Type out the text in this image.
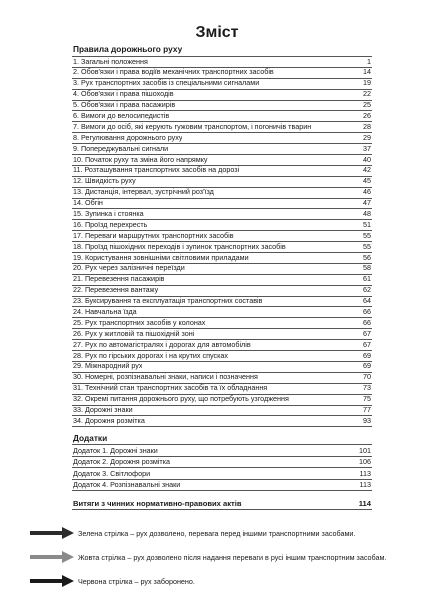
Зміст
Правила дорожнього руху
1. Загальні положення	1
2. Обов'язки і права водіїв механічних транспортних засобів	14
3. Рух транспортних засобів із спеціальними сигналами	19
4. Обов'язки і права пішоходів	22
5. Обов'язки і права пасажирів	25
6. Вимоги до велосипедистів	26
7. Вимоги до осіб, які керують гужовим транспортом, і погоничів тварин	28
8. Регулювання дорожнього руху	29
9. Попереджувальні сигнали	37
10. Початок руху та зміна його напрямку	40
11. Розташування транспортних засобів на дорозі	42
12. Швидкість руху	45
13. Дистанція, інтервал, зустрічний роз'їзд	46
14. Обгін	47
15. Зупинка і стоянка	48
16. Проїзд перехресть	51
17. Переваги маршрутних транспортних засобів	55
18. Проїзд пішохідних переходів і зупинок транспортних засобів	55
19. Користування зовнішніми світловими приладами	56
20. Рух через залізничні переїзди	58
21. Перевезення пасажирів	61
22. Перевезення вантажу	62
23. Буксирування та експлуатація транспортних составів	64
24. Навчальна їзда	66
25. Рух транспортних засобів у колонах	66
26. Рух у житловій та пішохідній зоні	67
27. Рух по автомагістралях і дорогах для автомобілів	67
28. Рух по гірських дорогах і на крутих спусках	69
29. Міжнародний рух	69
30. Номерні, розпізнавальні знаки, написи і позначення	70
31. Технічний стан транспортних засобів та їх обладнання	73
32. Окремі питання дорожнього руху, що потребують узгодження	75
33. Дорожні знаки	77
34. Дорожня розмітка	93
Додатки
Додаток 1. Дорожні знаки	101
Додаток 2. Дорожня розмітка	106
Додаток 3. Світлофори	113
Додаток 4. Розпізнавальні знаки	113
Витяги з чинних нормативно-правових актів	114
Зелена стрілка – рух дозволено, перевага перед іншими транспортними засобами.
Жовта стрілка – рух дозволено після надання переваги в русі іншим транспортним засобам.
Червона стрілка – рух заборонено.
